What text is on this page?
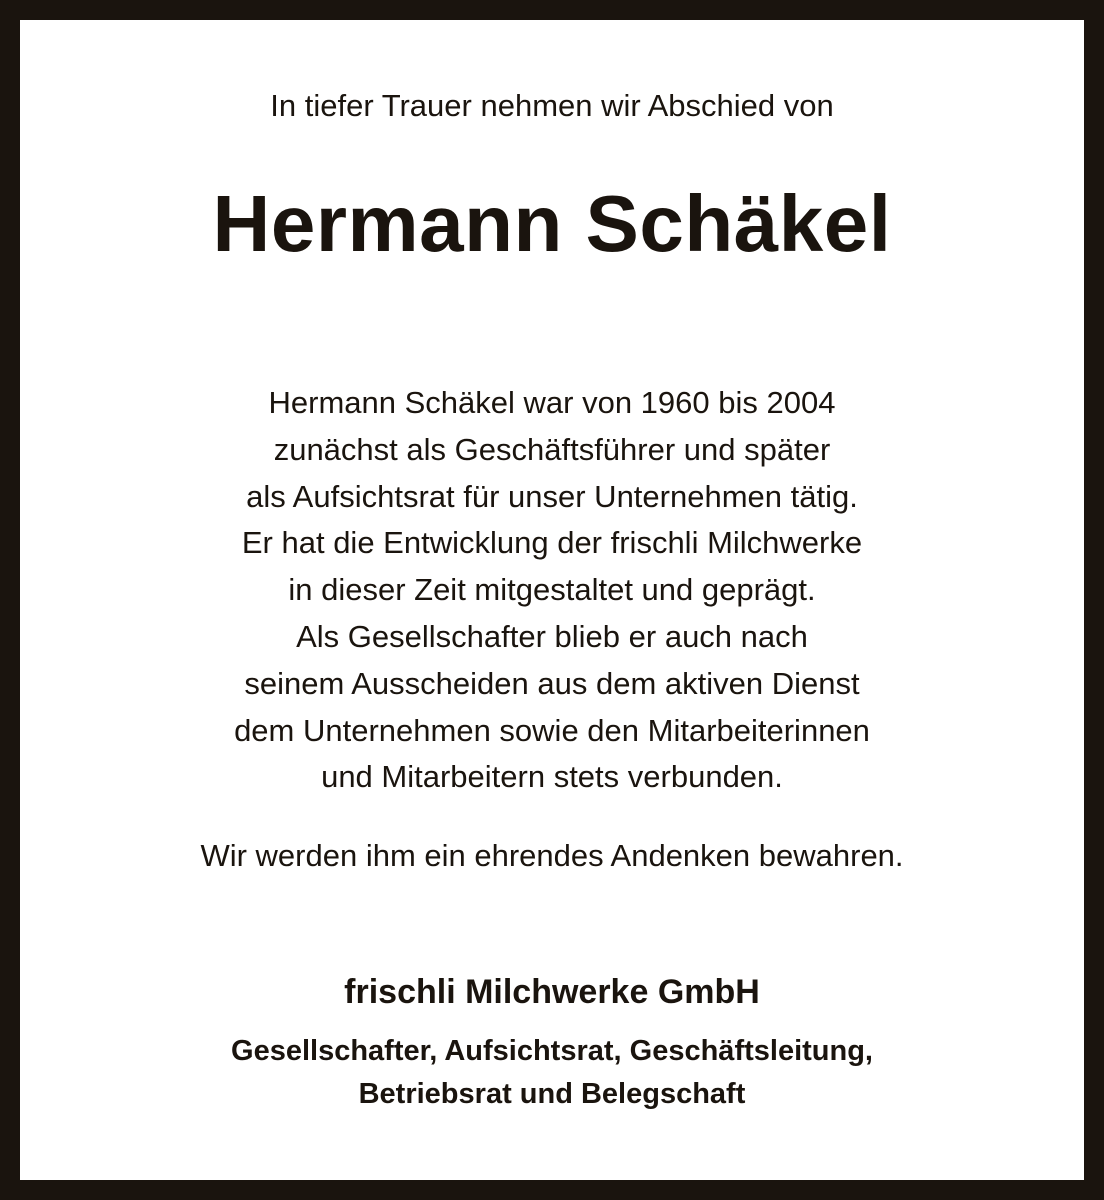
In tiefer Trauer nehmen wir Abschied von
Hermann Schäkel
Hermann Schäkel war von 1960 bis 2004
zunächst als Geschäftsführer und später
als Aufsichtsrat für unser Unternehmen tätig.
Er hat die Entwicklung der frischli Milchwerke
in dieser Zeit mitgestaltet und geprägt.
Als Gesellschafter blieb er auch nach
seinem Ausscheiden aus dem aktiven Dienst
dem Unternehmen sowie den Mitarbeiterinnen
und Mitarbeitern stets verbunden.
Wir werden ihm ein ehrendes Andenken bewahren.
frischli Milchwerke GmbH
Gesellschafter, Aufsichtsrat, Geschäftsleitung,
Betriebsrat und Belegschaft
